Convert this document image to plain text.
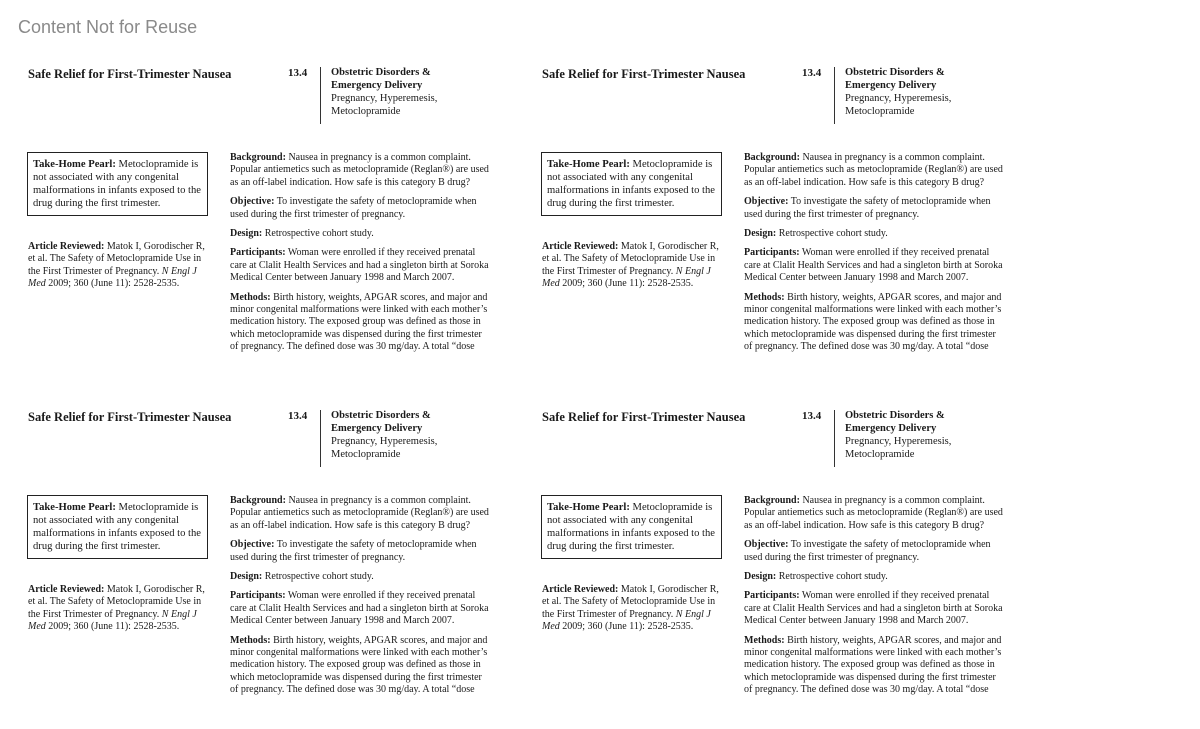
Content Not for Reuse
Safe Relief for First-Trimester Nausea	13.4 Obstetric Disorders &
Emergency Delivery
Pregnancy, Hyperemesis, Metoclopramide
Take-Home Pearl: Metoclopramide is not associated with any congenital malformations in infants exposed to the drug during the first trimester.
Article Reviewed: Matok I, Gorodischer R, et al. The Safety of Metoclopramide Use in the First Trimester of Pregnancy. N Engl J Med 2009; 360 (June 11): 2528-2535.

Background: Nausea in pregnancy is a common complaint. Popular antiemetics such as metoclopramide (Reglan®) are used as an off-label indication. How safe is this category B drug?

Objective: To investigate the safety of metoclopramide when used during the first trimester of pregnancy.

Design: Retrospective cohort study.

Participants: Woman were enrolled if they received prenatal care at Clalit Health Services and had a singleton birth at Soroka Medical Center between January 1998 and March 2007.

Methods: Birth history, weights, APGAR scores, and major and minor congenital malformations were linked with each mother’s medication history. The exposed group was defined as those in which metoclopramide was dispensed during the first trimester of pregnancy. The defined dose was 30 mg/day. A total “dose

Safe Relief for First-Trimester Nausea	13.4 Obstetric Disorders &
Emergency Delivery
Pregnancy, Hyperemesis, Metoclopramide
Take-Home Pearl: Metoclopramide is not associated with any congenital malformations in infants exposed to the drug during the first trimester.
Article Reviewed: Matok I, Gorodischer R, et al. The Safety of Metoclopramide Use in the First Trimester of Pregnancy. N Engl J Med 2009; 360 (June 11): 2528-2535.

Background: Nausea in pregnancy is a common complaint. Popular antiemetics such as metoclopramide (Reglan®) are used as an off-label indication. How safe is this category B drug?

Objective: To investigate the safety of metoclopramide when used during the first trimester of pregnancy.

Design: Retrospective cohort study.

Participants: Woman were enrolled if they received prenatal care at Clalit Health Services and had a singleton birth at Soroka Medical Center between January 1998 and March 2007.

Methods: Birth history, weights, APGAR scores, and major and minor congenital malformations were linked with each mother’s medication history. The exposed group was defined as those in which metoclopramide was dispensed during the first trimester of pregnancy. The defined dose was 30 mg/day. A total “dose

Safe Relief for First-Trimester Nausea	13.4 Obstetric Disorders &
Emergency Delivery
Pregnancy, Hyperemesis, Metoclopramide
Take-Home Pearl: Metoclopramide is not associated with any congenital malformations in infants exposed to the drug during the first trimester.
Article Reviewed: Matok I, Gorodischer R, et al. The Safety of Metoclopramide Use in the First Trimester of Pregnancy. N Engl J Med 2009; 360 (June 11): 2528-2535.

Background: Nausea in pregnancy is a common complaint. Popular antiemetics such as metoclopramide (Reglan®) are used as an off-label indication. How safe is this category B drug?

Objective: To investigate the safety of metoclopramide when used during the first trimester of pregnancy.

Design: Retrospective cohort study.

Participants: Woman were enrolled if they received prenatal care at Clalit Health Services and had a singleton birth at Soroka Medical Center between January 1998 and March 2007.

Methods: Birth history, weights, APGAR scores, and major and minor congenital malformations were linked with each mother’s medication history. The exposed group was defined as those in which metoclopramide was dispensed during the first trimester of pregnancy. The defined dose was 30 mg/day. A total “dose

Safe Relief for First-Trimester Nausea	13.4 Obstetric Disorders &
Emergency Delivery
Pregnancy, Hyperemesis, Metoclopramide
Take-Home Pearl: Metoclopramide is not associated with any congenital malformations in infants exposed to the drug during the first trimester.
Article Reviewed: Matok I, Gorodischer R, et al. The Safety of Metoclopramide Use in the First Trimester of Pregnancy. N Engl J Med 2009; 360 (June 11): 2528-2535.

Background: Nausea in pregnancy is a common complaint. Popular antiemetics such as metoclopramide (Reglan®) are used as an off-label indication. How safe is this category B drug?

Objective: To investigate the safety of metoclopramide when used during the first trimester of pregnancy.

Design: Retrospective cohort study.

Participants: Woman were enrolled if they received prenatal care at Clalit Health Services and had a singleton birth at Soroka Medical Center between January 1998 and March 2007.

Methods: Birth history, weights, APGAR scores, and major and minor congenital malformations were linked with each mother’s medication history. The exposed group was defined as those in which metoclopramide was dispensed during the first trimester of pregnancy. The defined dose was 30 mg/day. A total “dose
